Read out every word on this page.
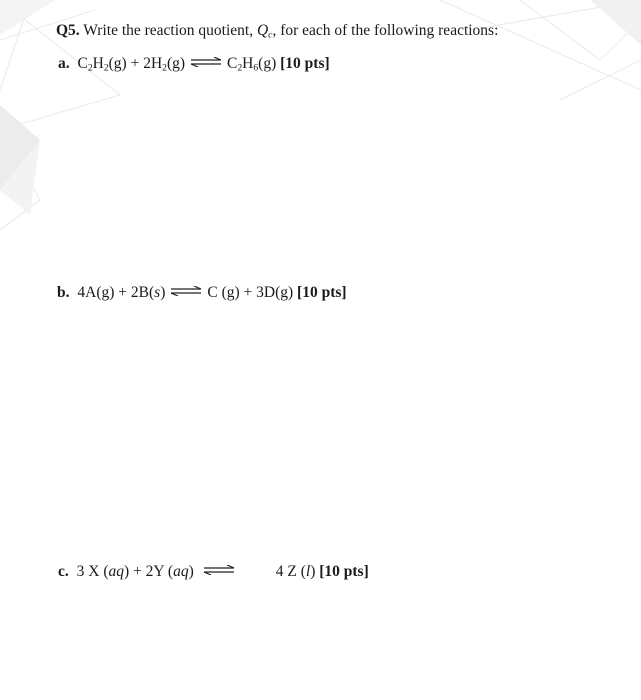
Q5. Write the reaction quotient, $Q_c$, for each of the following reactions:
a. $C_2H_2(g) + 2H_2(g)$ ⇌ $C_2H_6(g)$ [10 pts]
b. 4A(g) + 2B(s) ⇌ C (g) + 3D(g) [10 pts]
c. 3 X (aq) + 2Y (aq) ⇌	4 Z (l) [10 pts]
